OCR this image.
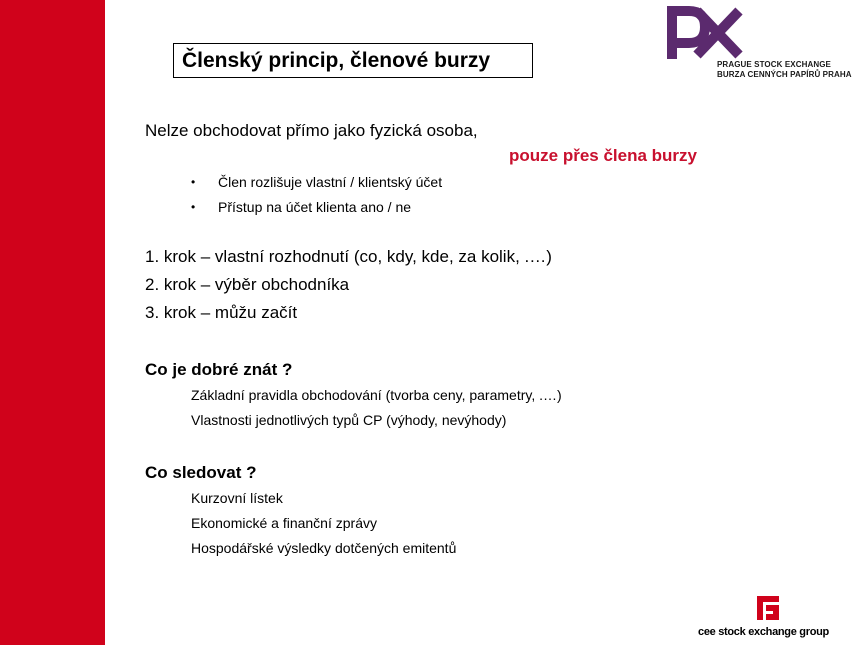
Členský princip, členové burzy	PRAGUE STOCK EXCHANGE
BURZA CENNÝCH PAPÍRŮ PRAHA
Nelze obchodovat přímo jako fyzická osoba,
pouze přes člena burzy
• Člen rozlišuje vlastní / klientský účet
• Přístup na účet klienta ano / ne
1. krok – vlastní rozhodnutí (co, kdy, kde, za kolik, .…)
2. krok – výběr obchodníka
3. krok – můžu začít
Co je dobré znát ?
Základní pravidla obchodování (tvorba ceny, parametry, .…)
Vlastnosti jednotlivých typů CP (výhody, nevýhody)
Co sledovat ?
Kurzovní lístek
Ekonomické a finanční zprávy
Hospodářské výsledky dotčených emitentů
cee stock exchange group
